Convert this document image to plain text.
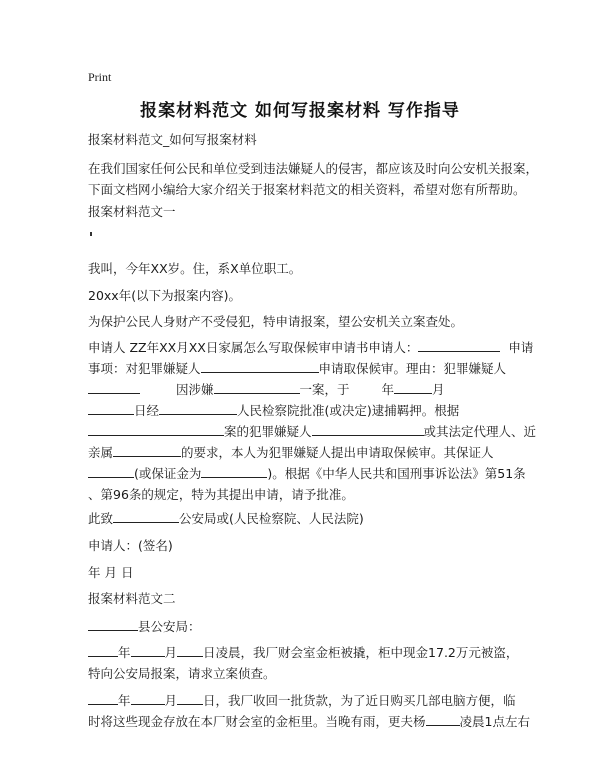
Print
报案材料范文 如何写报案材料 写作指导
报案材料范文_如何写报案材料
在我们国家任何公民和单位受到违法嫌疑人的侵害，都应该及时向公安机关报案，
下面文档网小编给大家介绍关于报案材料范文的相关资料，希望对您有所帮助。
报案材料范文一
我叫，今年XX岁。住，系X单位职工。
20xx年(以下为报案内容)。
为保护公民人身财产不受侵犯，特申请报案，望公安机关立案查处。
申请人 ZZ年XX月XX日家属怎么写取保候审申请书申请人：	申请
事项：对犯罪嫌疑人	申请取保候审。理由：犯罪嫌疑人
因涉嫌	一案，于	年	月
日经	人民检察院批准(或决定)逮捕羁押。根据
案的犯罪嫌疑人	或其法定代理人、近
亲属	的要求，本人为犯罪嫌疑人提出申请取保候审。其保证人
(或保证金为	)。根据《中华人民共和国刑事诉讼法》第51条
、第96条的规定，特为其提出申请，请予批准。
此致	公安局或(人民检察院、人民法院)
申请人：(签名)
年 月 日
报案材料范文二
县公安局：
年	月 日凌晨，我厂财会室金柜被撬，柜中现金17.2万元被盗，
特向公安局报案，请求立案侦查。
年	月 日，我厂收回一批货款，为了近日购买几部电脑方便，临
时将这些现金存放在本厂财会室的金柜里。当晚有雨，更夫杨	凌晨1点左右
